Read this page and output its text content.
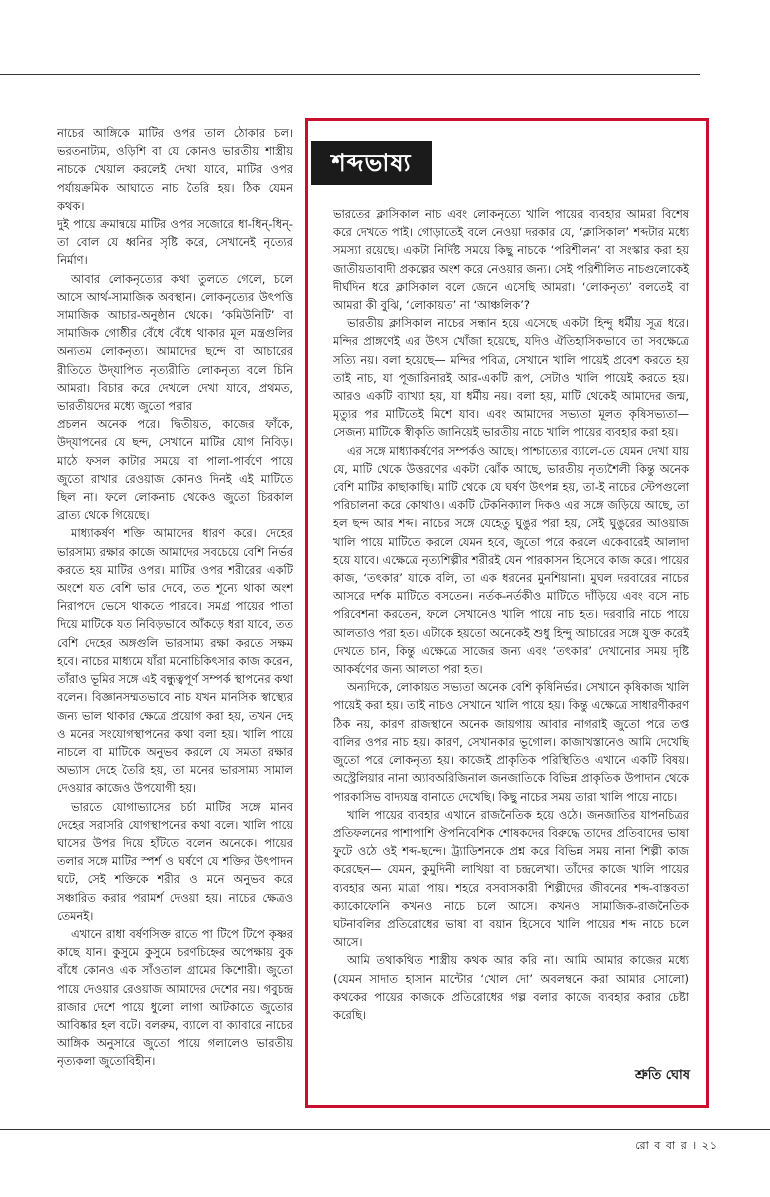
নাচের আঙ্গিকে মাটির ওপর তাল ঠোকার চল। ভরতনাট্যম, ওড়িশি বা যে কোনও ভারতীয় শাস্ত্রীয় নাচকে খেয়াল করলেই দেখা যাবে, মাটির ওপর পর্যায়ক্রমিক আঘাতে নাচ তৈরি হয়। ঠিক যেমন কথক।

দুই পায়ে ক্রমান্বয়ে মাটির ওপর সজোরে ধা-ধিন্-ধিন্-তা বোল যে ধ্বনির সৃষ্টি করে, সেখানেই নৃত্যের নির্মাণ।

আবার লোকনৃত্যের কথা তুলতে গেলে, চলে আসে আর্থ-সামাজিক অবস্থান। লোকনৃত্যের উৎপত্তি সামাজিক আচার-অনুষ্ঠান থেকে। ‘কমিউনিটি’ বা সামাজিক গোষ্ঠীর বেঁধে বেঁধে থাকার মূল মন্ত্রগুলির অন্যতম লোকনৃত্য। আমাদের ছন্দে বা আচারের রীতিতে উদ্‌যাপিত নৃত্যরীতি লোকনৃত্য বলে চিনি আমরা। বিচার করে দেখলে দেখা যাবে, প্রথমত, ভারতীয়দের মধ্যে জুতো পরার

প্রচলন অনেক পরে। দ্বিতীয়ত, কাজের ফাঁকে, উদ্‌যাপনের যে ছন্দ, সেখানে মাটির যোগ নিবিড়। মাঠে ফসল কাটার সময়ে বা পালা-পার্বণে পায়ে জুতো রাখার রেওয়াজ কোনও দিনই এই মাটিতে ছিল না। ফলে লোকনাচ থেকেও জুতো চিরকাল ব্রাত্য থেকে গিয়েছে।

মাধ্যাকর্ষণ শক্তি আমাদের ধারণ করে। দেহের ভারসাম্য রক্ষার কাজে আমাদের সবচেয়ে বেশি নির্ভর করতে হয় মাটির ওপর। মাটির ওপর শরীরের একটি অংশে যত বেশি ভার দেবে, তত শূন্যে থাকা অংশ নিরাপদে ভেসে থাকতে পারবে। সমগ্র পায়ের পাতা দিয়ে মাটিকে যত নিবিড়ভাবে আঁকড়ে ধরা যাবে, তত বেশি দেহের অঙ্গগুলি ভারসাম্য রক্ষা করতে সক্ষম হবে। নাচের মাধ্যমে যাঁরা মনোচিকিৎসার কাজ করেন, তাঁরাও ভূমির সঙ্গে এই বন্ধুত্বপূর্ণ সম্পর্ক স্থাপনের কথা বলেন। বিজ্ঞানসম্মতভাবে নাচ যখন মানসিক স্বাস্থ্যের জন্য ভাল থাকার ক্ষেত্রে প্রয়োগ করা হয়, তখন দেহ ও মনের সংযোগস্থাপনের কথা বলা হয়। খালি পায়ে নাচলে বা মাটিকে অনুভব করলে যে সমতা রক্ষার অভ্যাস দেহে তৈরি হয়, তা মনের ভারসাম্য সামাল দেওয়ার কাজেও উপযোগী হয়।

ভারতে যোগাভ্যাসের চর্চা মাটির সঙ্গে মানব দেহের সরাসরি যোগস্থাপনের কথা বলে। খালি পায়ে ঘাসের উপর দিয়ে হাঁটতে বলেন অনেকে। পায়ের তলার সঙ্গে মাটির স্পর্শ ও ঘর্ষণে যে শক্তির উৎপাদন ঘটে, সেই শক্তিকে শরীর ও মনে অনুভব করে সঞ্চারিত করার পরামর্শ দেওয়া হয়। নাচের ক্ষেত্রও তেমনই।

এখানে রাধা বর্ষণসিক্ত রাতে পা টিপে টিপে কৃষ্ণর কাছে যান। কুসুমে কুসুমে চরণচিহ্নের অপেক্ষায় বুক বাঁধে কোনও এক সাঁওতাল গ্রামের কিশোরী। জুতো পায়ে দেওয়ার রেওয়াজ আমাদের দেশের নয়। গবুচন্দ্র রাজার দেশে পায়ে ধুলো লাগা আটকাতে জুতোর আবিষ্কার হল বটে। বলরুম, ব্যালে বা ক্যাবারে নাচের আঙ্গিক অনুসারে জুতো পায়ে গলালেও ভারতীয় নৃত্যকলা জুতোবিহীন।

শব্দভাষ্য

ভারতের ক্লাসিকাল নাচ এবং লোকনৃত্যে খালি পায়ের ব্যবহার আমরা বিশেষ করে দেখতে পাই। গোড়াতেই বলে নেওয়া দরকার যে, ‘ক্লাসিকাল’ শব্দটার মধ্যে সমস্যা রয়েছে। একটা নির্দিষ্ট সময়ে কিছু নাচকে ‘পরিশীলন’ বা সংস্কার করা হয় জাতীয়তাবাদী প্রকল্পের অংশ করে নেওয়ার জন্য। সেই পরিশীলিত নাচগুলোকেই দীর্ঘদিন ধরে ক্লাসিকাল বলে জেনে এসেছি আমরা। ‘লোকনৃত্য’ বলতেই বা আমরা কী বুঝি, ‘লোকায়ত’ না ‘আঞ্চলিক’?

ভারতীয় ক্লাসিকাল নাচের সন্ধান হয়ে এসেছে একটা হিন্দু ধর্মীয় সূত্র ধরে। মন্দির প্রাঙ্গণেই এর উৎস খোঁজা হয়েছে, যদিও ঐতিহাসিকভাবে তা সবক্ষেত্রে সত্যি নয়। বলা হয়েছে— মন্দির পবিত্র, সেখানে খালি পায়েই প্রবেশ করতে হয় তাই নাচ, যা পূজারিনারই আর-একটি রূপ, সেটাও খালি পায়েই করতে হয়। আরও একটি ব্যাখ্যা হয়, যা ধর্মীয় নয়। বলা হয়, মাটি থেকেই আমাদের জন্ম, মৃত্যুর পর মাটিতেই মিশে যাব। এবং আমাদের সভ্যতা মূলত কৃষিসভ্যতা— সেজন্য মাটিকে স্বীকৃতি জানিয়েই ভারতীয় নাচে খালি পায়ের ব্যবহার করা হয়।

এর সঙ্গে মাধ্যাকর্ষণের সম্পর্কও আছে। পাশ্চাত্যের ব্যালে-তে যেমন দেখা যায় যে, মাটি থেকে উত্তরণের একটা ঝোঁক আছে, ভারতীয় নৃত্যশৈলী কিন্তু অনেক বেশি মাটির কাছাকাছি। মাটি থেকে যে ঘর্ষণ উৎপন্ন হয়, তা-ই নাচের স্টেপগুলো পরিচালনা করে কোথাও। একটি টেকনিক্যাল দিকও এর সঙ্গে জড়িয়ে আছে, তা হল ছন্দ আর শব্দ। নাচের সঙ্গে যেহেতু ঘুঙুর পরা হয়, সেই ঘুঙুরের আওয়াজ খালি পায়ে মাটিতে করলে যেমন হবে, জুতো পরে করলে একেবারেই আলাদা হয়ে যাবে। এক্ষেত্রে নৃত্যশিল্পীর শরীরই যেন পারকাসন হিসেবে কাজ করে। পায়ের কাজ, ‘তৎকার’ যাকে বলি, তা এক ধরনের মুনশিয়ানা। মুঘল দরবারের নাচের আসরে দর্শক মাটিতে বসতেন। নর্তক-নর্তকীও মাটিতে দাঁড়িয়ে এবং বসে নাচ পরিবেশনা করতেন, ফলে সেখানেও খালি পায়ে নাচ হত। দরবারি নাচে পায়ে আলতাও পরা হত। এটাকে হয়তো অনেকেই শুধু হিন্দু আচারের সঙ্গে যুক্ত করেই দেখতে চান, কিন্তু এক্ষেত্রে সাজের জন্য এবং ‘তৎকার’ দেখানোর সময় দৃষ্টি আকর্ষণের জন্য আলতা পরা হত।

অন্যদিকে, লোকায়ত সভ্যতা অনেক বেশি কৃষিনির্ভর। সেখানে কৃষিকাজ খালি পায়েই করা হয়। তাই নাচও সেখানে খালি পায়ে হয়। কিন্তু এক্ষেত্রে সাধারণীকরণ ঠিক নয়, কারণ রাজস্থানে অনেক জায়গায় আবার নাগরাই জুতো পরে তপ্ত বালির ওপর নাচ হয়। কারণ, সেখানকার ভূগোল। কাজাখস্তানেও আমি দেখেছি জুতো পরে লোকনৃত্য হয়। কাজেই প্রাকৃতিক পরিস্থিতিও এখানে একটি বিষয়। অস্ট্রেলিয়ার নানা অ্যাবঅরিজিনাল জনজাতিকে বিভিন্ন প্রাকৃতিক উপাদান থেকে পারকাসিভ বাদ্যযন্ত্র বানাতে দেখেছি। কিছু নাচের সময় তারা খালি পায়ে নাচে।

খালি পায়ের ব্যবহার এখানে রাজনৈতিক হয়ে ওঠে। জনজাতির যাপনচিত্রর প্রতিফলনের পাশাপাশি ঔপনিবেশিক শোষকদের বিরুদ্ধে তাদের প্রতিবাদের ভাষা ফুটে ওঠে ওই শব্দ-ছন্দে। ট্র্যাডিশনকে প্রশ্ন করে বিভিন্ন সময় নানা শিল্পী কাজ করেছেন— যেমন, কুমুদিনী লাখিয়া বা চন্দ্রলেখা। তাঁদের কাজে খালি পায়ের ব্যবহার অন্য মাত্রা পায়। শহরে বসবাসকারী শিল্পীদের জীবনের শব্দ-বাস্তবতা ক্যাকোফোনি কখনও নাচে চলে আসে। কখনও সামাজিক-রাজনৈতিক ঘটনাবলির প্রতিরোধের ভাষা বা বয়ান হিসেবে খালি পায়ের শব্দ নাচে চলে আসে।

আমি তথাকথিত শাস্ত্রীয় কথক আর করি না। আমি আমার কাজের মধ্যে (যেমন সাদাত হাসান মান্টোর ‘খোল দো’ অবলম্বনে করা আমার সোলো) কথকের পায়ের কাজকে প্রতিরোধের গল্প বলার কাজে ব্যবহার করার চেষ্টা করেছি।

শ্রুতি ঘোষ
রো ব বা র । ২১
